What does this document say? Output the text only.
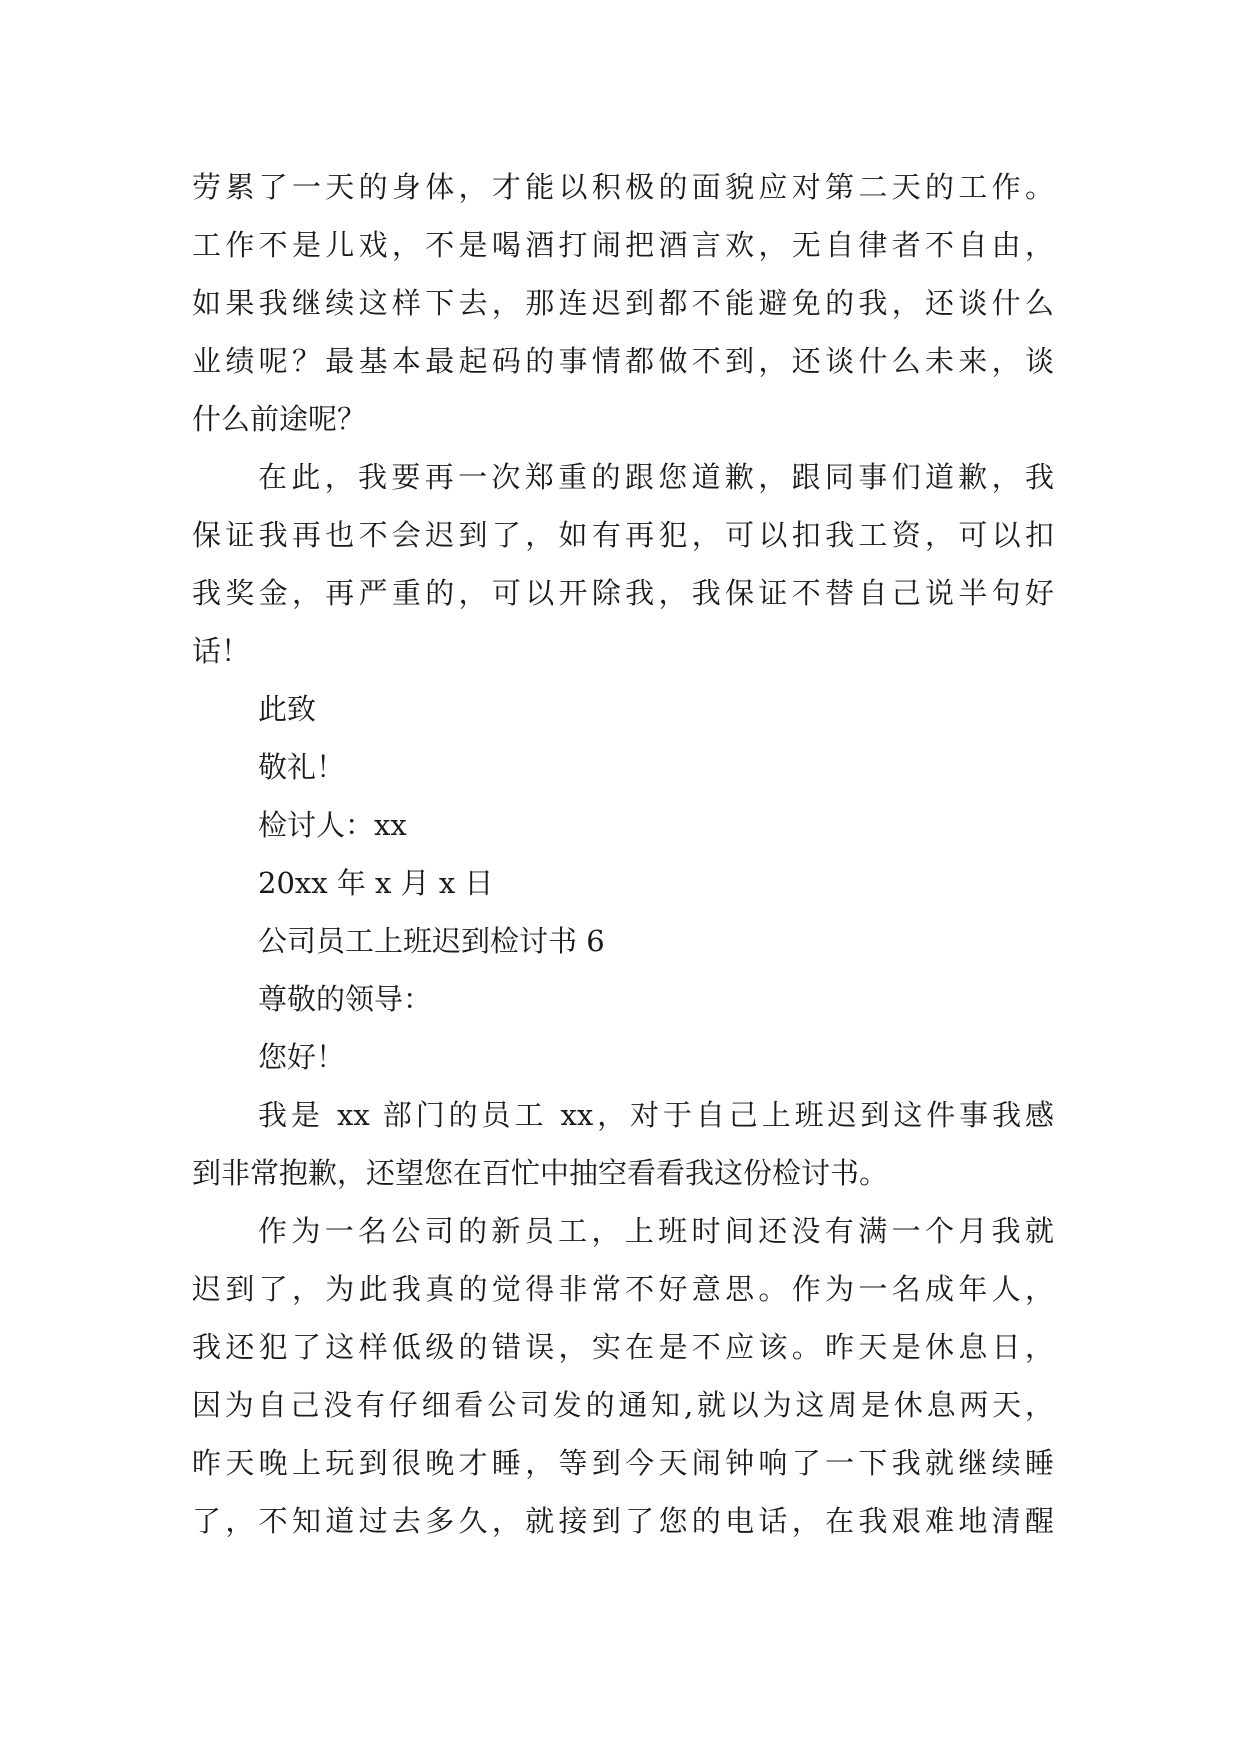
劳累了一天的身体，才能以积极的面貌应对第二天的工作。
工作不是儿戏，不是喝酒打闹把酒言欢，无自律者不自由，
如果我继续这样下去，那连迟到都不能避免的我，还谈什么
业绩呢？最基本最起码的事情都做不到，还谈什么未来，谈
什么前途呢？
在此，我要再一次郑重的跟您道歉，跟同事们道歉，我
保证我再也不会迟到了，如有再犯，可以扣我工资，可以扣
我奖金，再严重的，可以开除我，我保证不替自己说半句好
话！
此致
敬礼！
检讨人：xx
20xx 年 x 月 x 日
公司员工上班迟到检讨书 6
尊敬的领导：
您好！
我是 xx 部门的员工 xx，对于自己上班迟到这件事我感
到非常抱歉，还望您在百忙中抽空看看我这份检讨书。
作为一名公司的新员工，上班时间还没有满一个月我就
迟到了，为此我真的觉得非常不好意思。作为一名成年人，
我还犯了这样低级的错误，实在是不应该。昨天是休息日，
因为自己没有仔细看公司发的通知,就以为这周是休息两天，
昨天晚上玩到很晚才睡，等到今天闹钟响了一下我就继续睡
了，不知道过去多久，就接到了您的电话，在我艰难地清醒
